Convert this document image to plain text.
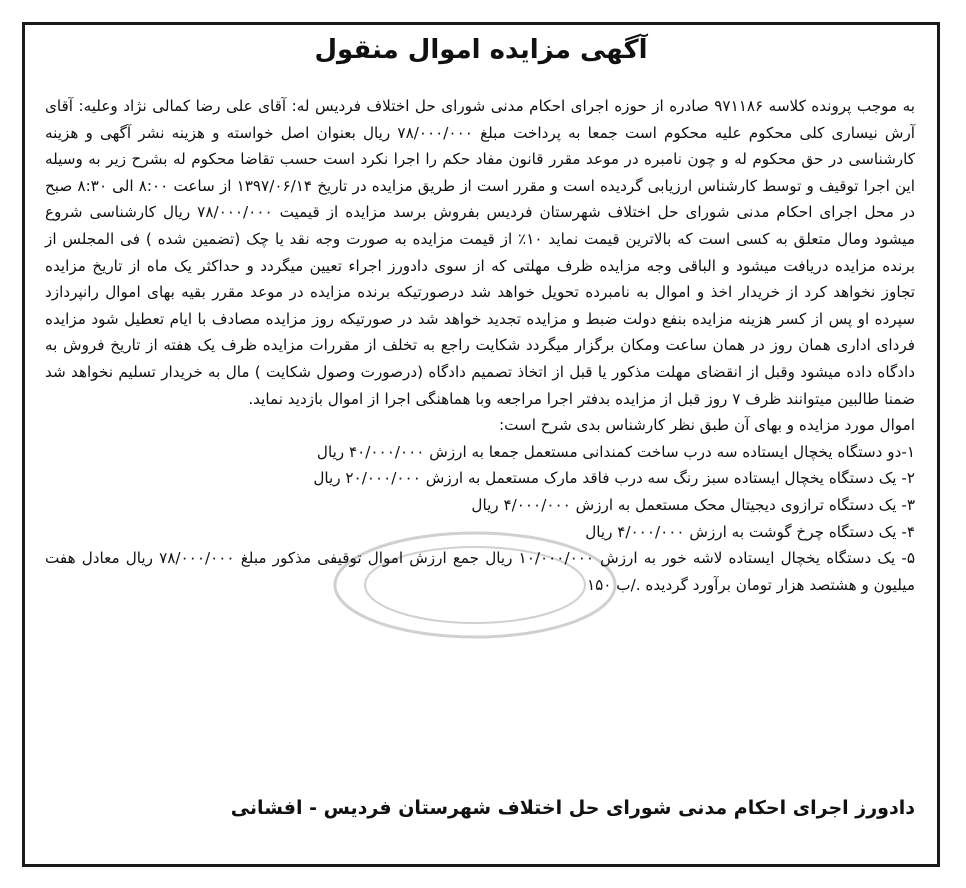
آگهی مزایده اموال منقول

به موجب پرونده کلاسه ۹۷۱۱۸۶ صادره از حوزه اجرای احکام مدنی شورای حل اختلاف فردیس له: آقای علی رضا کمالی نژاد وعلیه: آقای آرش نیساری کلی محکوم علیه محکوم است جمعا به پرداخت مبلغ ۷۸/۰۰۰/۰۰۰ ریال بعنوان اصل خواسته و هزینه نشر آگهی و هزینه کارشناسی در حق محکوم له و چون نامبره در موعد مقرر قانون مفاد حکم را اجرا نکرد است حسب تقاضا محکوم له بشرح زیر به وسیله این اجرا توقیف و توسط کارشناس ارزیابی گردیده است و مقرر است از طریق مزایده در تاریخ ۱۳۹۷/۰۶/۱۴ از ساعت ۸:۰۰ الی ۸:۳۰ صبح در محل اجرای احکام مدنی شورای حل اختلاف شهرستان فردیس بفروش برسد مزایده از قیمیت ۷۸/۰۰۰/۰۰۰ ریال کارشناسی شروع میشود ومال متعلق به کسی است که بالاترین قیمت نماید ۱۰٪ از قیمت مزایده به صورت وجه نقد یا چک (تضمین شده ) فی المجلس از برنده مزایده دریافت میشود و الباقی وجه مزایده ظرف مهلتی که از سوی دادورز اجراء تعیین میگردد و حداکثر یک ماه از تاریخ مزایده تجاوز نخواهد کرد از خریدار اخذ و اموال به نامبرده تحویل خواهد شد درصورتیکه برنده مزایده در موعد مقرر بقیه بهای اموال رانپردازد سپرده او پس از کسر هزینه مزایده بنفع دولت ضبط و مزایده تجدید خواهد شد در صورتیکه روز مزایده مصادف با ایام تعطیل شود مزایده فردای اداری همان روز در همان ساعت ومکان برگزار میگردد شکایت راجع به تخلف از مقررات مزایده ظرف یک هفته از تاریخ فروش به دادگاه داده میشود وقبل از انقضای مهلت مذکور یا قبل از اتخاذ تصمیم دادگاه (درصورت وصول شکایت ) مال به خریدار تسلیم نخواهد شد ضمنا طالبین میتوانند ظرف ۷ روز قبل از مزایده بدفتر اجرا مراجعه وبا هماهنگی اجرا از اموال بازدید نماید.

اموال مورد مزایده و بهای آن طبق نظر کارشناس بدی شرح است:

۱-دو دستگاه یخچال ایستاده سه درب ساخت کمندانی مستعمل جمعا به ارزش ۴۰/۰۰۰/۰۰۰ ریال
۲- یک دستگاه یخچال ایستاده سبز رنگ سه درب فاقد مارک مستعمل به ارزش ۲۰/۰۰۰/۰۰۰ ریال
۳- یک دستگاه ترازوی دیجیتال محک مستعمل به ارزش ۴/۰۰۰/۰۰۰ ریال
۴- یک دستگاه چرخ گوشت به ارزش ۴/۰۰۰/۰۰۰ ریال
۵- یک دستگاه یخچال ایستاده لاشه خور به ارزش ۱۰/۰۰۰/۰۰۰ ریال جمع ارزش اموال توقیفی مذکور مبلغ ۷۸/۰۰۰/۰۰۰ ریال معادل هفت میلیون و هشتصد هزار تومان برآورد گردیده ./ب ۱۵۰
دادورز اجرای احکام مدنی شورای حل اختلاف شهرستان فردیس - افشانی
